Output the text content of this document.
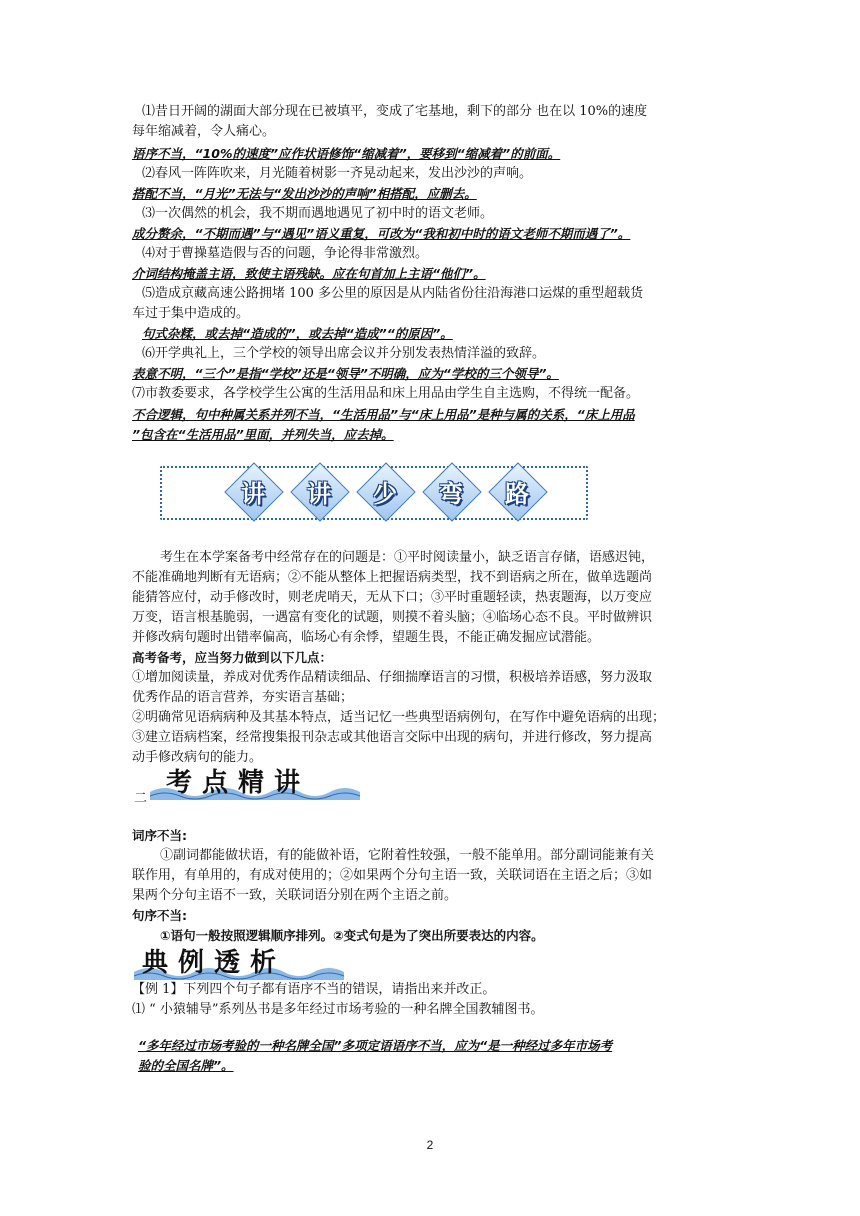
⑴昔日开阔的湖面大部分现在已被填平，变成了宅基地，剩下的部分 也在以 10%的速度
每年缩减着，令人痛心。
语序不当，“10%的速度”应作状语修饰“缩减着”，要移到“缩减着”的前面。
⑵春风一阵阵吹来，月光随着树影一齐晃动起来，发出沙沙的声响。
搭配不当，“月光”无法与“发出沙沙的声响”相搭配，应删去。
⑶一次偶然的机会，我不期而遇地遇见了初中时的语文老师。
成分赘余，“不期而遇”与“遇见”语义重复，可改为“我和初中时的语文老师不期而遇了”。
⑷对于曹操墓造假与否的问题，争论得非常激烈。
介词结构掩盖主语，致使主语残缺。应在句首加上主语“他们”。
⑸造成京藏高速公路拥堵 100 多公里的原因是从内陆省份往沿海港口运煤的重型超载货
车过于集中造成的。
句式杂糅，或去掉“造成的”，或去掉“造成”“的原因”。
⑹开学典礼上，三个学校的领导出席会议并分别发表热情洋溢的致辞。
表意不明，“三个”是指“学校”还是“领导”不明确，应为“学校的三个领导”。
⑺市教委要求，各学校学生公寓的生活用品和床上用品由学生自主选购，不得统一配备。
不合逻辑，句中种属关系并列不当，“生活用品”与“床上用品”是种与属的关系，“床上用品
”包含在“生活用品”里面，并列失当，应去掉。
讲	讲	少	弯	路
考生在本学案备考中经常存在的问题是：①平时阅读量小，缺乏语言存储，语感迟钝，
不能准确地判断有无语病；②不能从整体上把握语病类型，找不到语病之所在，做单选题尚
能猜答应付，动手修改时，则老虎哨天，无从下口；③平时重题轻读，热衷题海，以万变应
万变，语言根基脆弱，一遇富有变化的试题，则摸不着头脑；④临场心态不良。平时做辨识
并修改病句题时出错率偏高，临场心有余悸，望题生畏，不能正确发掘应试潜能。
高考备考，应当努力做到以下几点：
①增加阅读量，养成对优秀作品精读细品、仔细揣摩语言的习惯，积极培养语感，努力汲取
优秀作品的语言营养，夯实语言基础；
②明确常见语病病种及其基本特点，适当记忆一些典型语病例句，在写作中避免语病的出现；
③建立语病档案，经常搜集报刊杂志或其他语言交际中出现的病句，并进行修改，努力提高
动手修改病句的能力。
二
考点精讲
词序不当:
①副词都能做状语，有的能做补语，它附着性较强，一般不能单用。部分副词能兼有关
联作用，有单用的，有成对使用的；②如果两个分句主语一致，关联词语在主语之后；③如
果两个分句主语不一致，关联词语分别在两个主语之前。
句序不当:
①语句一般按照逻辑顺序排列。②变式句是为了突出所要表达的内容。
典例透析
【例 1】下列四个句子都有语序不当的错误，请指出来并改正。
⑴ “ 小猿辅导”系列丛书是多年经过市场考验的一种名牌全国教辅图书。
“多年经过市场考验的一种名牌全国”多项定语语序不当，应为“是一种经过多年市场考
验的全国名牌”。
2
